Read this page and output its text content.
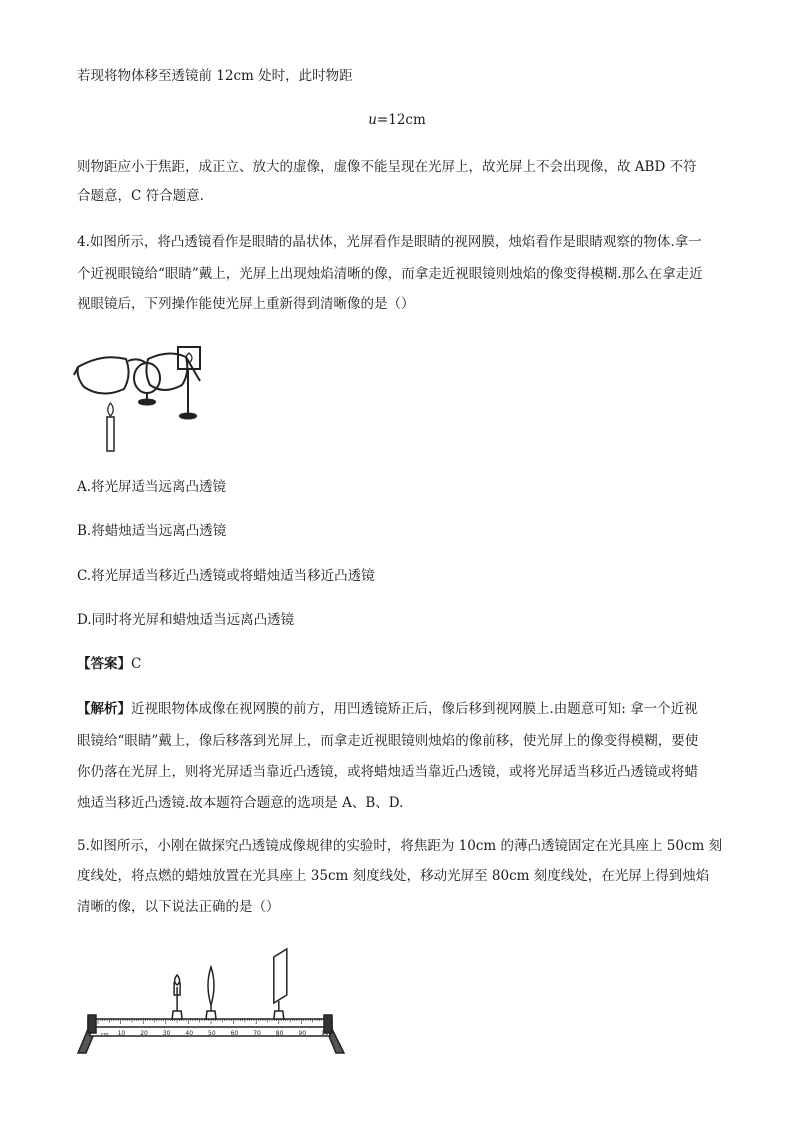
若现将物体移至透镜前 12cm 处时，此时物距
u=12cm
则物距应小于焦距，成正立、放大的虚像，虚像不能呈现在光屏上，故光屏上不会出现像，故 ABD 不符
合题意，C 符合题意.
4.如图所示，将凸透镜看作是眼睛的晶状体，光屏看作是眼睛的视网膜，烛焰看作是眼睛观察的物体.拿一
个近视眼镜给“眼睛”戴上，光屏上出现烛焰清晰的像，而拿走近视眼镜则烛焰的像变得模糊.那么在拿走近
视眼镜后，下列操作能使光屏上重新得到清晰像的是（）
A.将光屏适当远离凸透镜
B.将蜡烛适当远离凸透镜
C.将光屏适当移近凸透镜或将蜡烛适当移近凸透镜
D.同时将光屏和蜡烛适当远离凸透镜
【答案】C
【解析】近视眼物体成像在视网膜的前方，用凹透镜矫正后，像后移到视网膜上.由题意可知: 拿一个近视
眼镜给“眼睛”戴上，像后移落到光屏上，而拿走近视眼镜则烛焰的像前移，使光屏上的像变得模糊，要使
你仍落在光屏上，则将光屏适当靠近凸透镜，或将蜡烛适当靠近凸透镜，或将光屏适当移近凸透镜或将蜡
烛适当移近凸透镜.故本题符合题意的选项是 A、B、D.
5.如图所示，小刚在做探究凸透镜成像规律的实验时，将焦距为 10cm 的薄凸透镜固定在光具座上 50cm 刻
度线处，将点燃的蜡烛放置在光具座上 35cm 刻度线处，移动光屏至 80cm 刻度线处，在光屏上得到烛焰
清晰的像，以下说法正确的是（）
10 20 30 40 50 60 70 80 90 100
cm
